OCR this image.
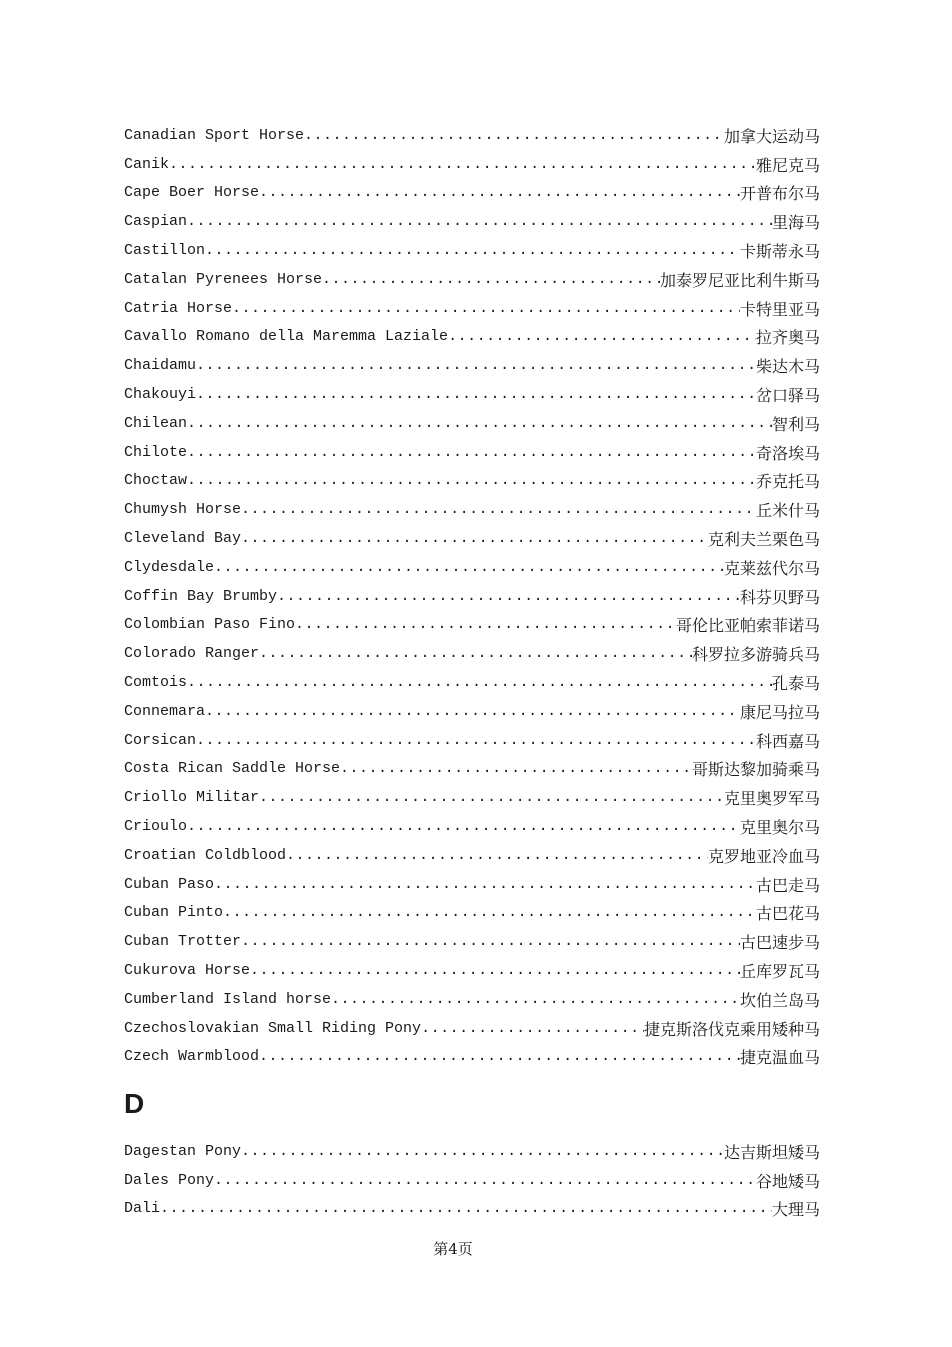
Canadian Sport Horse .....	加拿大运动马
Canik .....	雅尼克马
Cape Boer Horse .....	开普布尔马
Caspian .....	里海马
Castillon .....	卡斯蒂永马
Catalan Pyrenees Horse .....	加泰罗尼亚比利牛斯马
Catria Horse .....	卡特里亚马
Cavallo Romano della Maremma Laziale .....	拉齐奥马
Chaidamu .....	柴达木马
Chakouyi .....	岔口驿马
Chilean .....	智利马
Chilote .....	奇洛埃马
Choctaw .....	乔克托马
Chumysh Horse .....	丘米什马
Cleveland Bay .....	克利夫兰栗色马
Clydesdale .....	克莱兹代尔马
Coffin Bay Brumby .....	科芬贝野马
Colombian Paso Fino .....	哥伦比亚帕索菲诺马
Colorado Ranger .....	科罗拉多游骑兵马
Comtois .....	孔泰马
Connemara .....	康尼马拉马
Corsican .....	科西嘉马
Costa Rican Saddle Horse .....	哥斯达黎加骑乘马
Criollo Militar .....	克里奥罗军马
Crioulo .....	克里奥尔马
Croatian Coldblood .....	克罗地亚冷血马
Cuban Paso .....	古巴走马
Cuban Pinto .....	古巴花马
Cuban Trotter .....	古巴速步马
Cukurova Horse .....	丘库罗瓦马
Cumberland Island horse .....	坎伯兰岛马
Czechoslovakian Small Riding Pony .....	捷克斯洛伐克乘用矮种马
Czech Warmblood .....	捷克温血马
D
Dagestan Pony .....	达吉斯坦矮马
Dales Pony .....	谷地矮马
Dali .....	大理马
第4页
